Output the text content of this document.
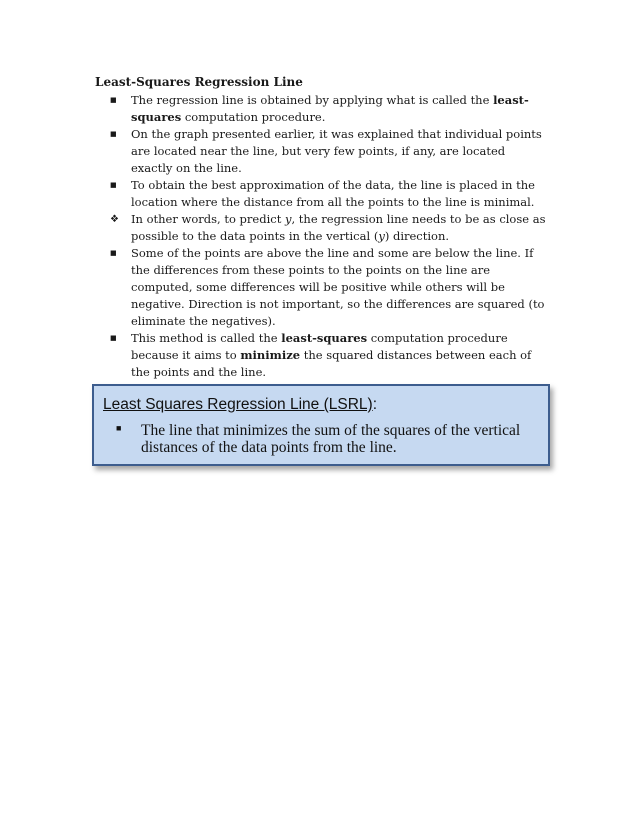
Least-Squares Regression Line
■	The regression line is obtained by applying what is called the least-squares computation procedure.
■	On the graph presented earlier, it was explained that individual points are located near the line, but very few points, if any, are located exactly on the line.
■	To obtain the best approximation of the data, the line is placed in the location where the distance from all the points to the line is minimal.
❖	In other words, to predict y, the regression line needs to be as close as possible to the data points in the vertical (y) direction.
■	Some of the points are above the line and some are below the line. If the differences from these points to the points on the line are computed, some differences will be positive while others will be negative. Direction is not important, so the differences are squared (to eliminate the negatives).
■	This method is called the least-squares computation procedure because it aims to minimize the squared distances between each of the points and the line.
Least Squares Regression Line (LSRL):
■ The line that minimizes the sum of the squares of the vertical distances of the data points from the line.
